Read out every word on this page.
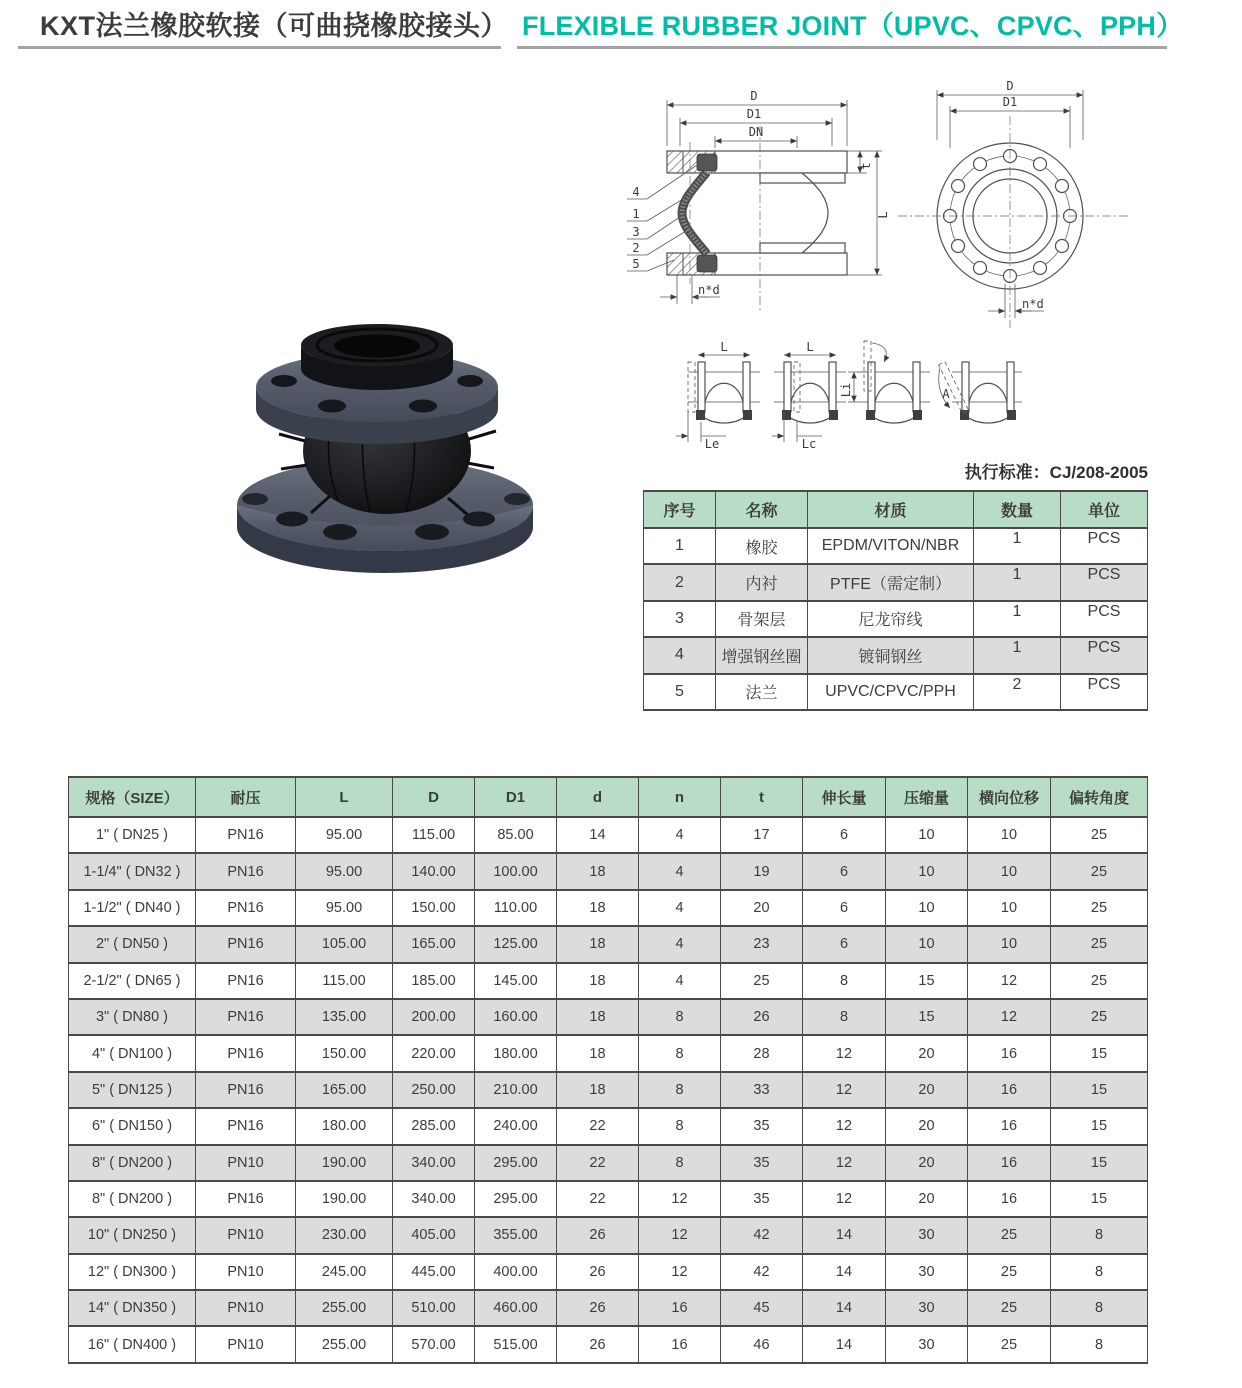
KXT法兰橡胶软接（可曲挠橡胶接头） FLEXIBLE RUBBER JOINT（UPVC、CPVC、PPH）
D
D1
DN
t
L
4
1
3
2
5
n*d
D
D1
n*d
L
Le
L
Lc
Li	A
执行标准：CJ/208-2005
序号	名称	材质	数量	单位
1	橡胶	EPDM/VITON/NBR	1	PCS
2	内衬	PTFE（需定制）	1	PCS
3	骨架层	尼龙帘线	1	PCS
4	增强钢丝圈	镀铜钢丝	1	PCS
5	法兰	UPVC/CPVC/PPH	2	PCS
规格（SIZE）	耐压	L	D	D1	d	n	t	伸长量	压缩量	横向位移	偏转角度
1" ( DN25 )	PN16	95.00	115.00	85.00	14	4	17	6	10	10	25
1-1/4" ( DN32 )	PN16	95.00	140.00	100.00	18	4	19	6	10	10	25
1-1/2" ( DN40 )	PN16	95.00	150.00	110.00	18	4	20	6	10	10	25
2" ( DN50 )	PN16	105.00	165.00	125.00	18	4	23	6	10	10	25
2-1/2" ( DN65 )	PN16	115.00	185.00	145.00	18	4	25	8	15	12	25
3" ( DN80 )	PN16	135.00	200.00	160.00	18	8	26	8	15	12	25
4" ( DN100 )	PN16	150.00	220.00	180.00	18	8	28	12	20	16	15
5" ( DN125 )	PN16	165.00	250.00	210.00	18	8	33	12	20	16	15
6" ( DN150 )	PN16	180.00	285.00	240.00	22	8	35	12	20	16	15
8" ( DN200 )	PN10	190.00	340.00	295.00	22	8	35	12	20	16	15
8" ( DN200 )	PN16	190.00	340.00	295.00	22	12	35	12	20	16	15
10" ( DN250 )	PN10	230.00	405.00	355.00	26	12	42	14	30	25	8
12" ( DN300 )	PN10	245.00	445.00	400.00	26	12	42	14	30	25	8
14" ( DN350 )	PN10	255.00	510.00	460.00	26	16	45	14	30	25	8
16" ( DN400 )	PN10	255.00	570.00	515.00	26	16	46	14	30	25	8
